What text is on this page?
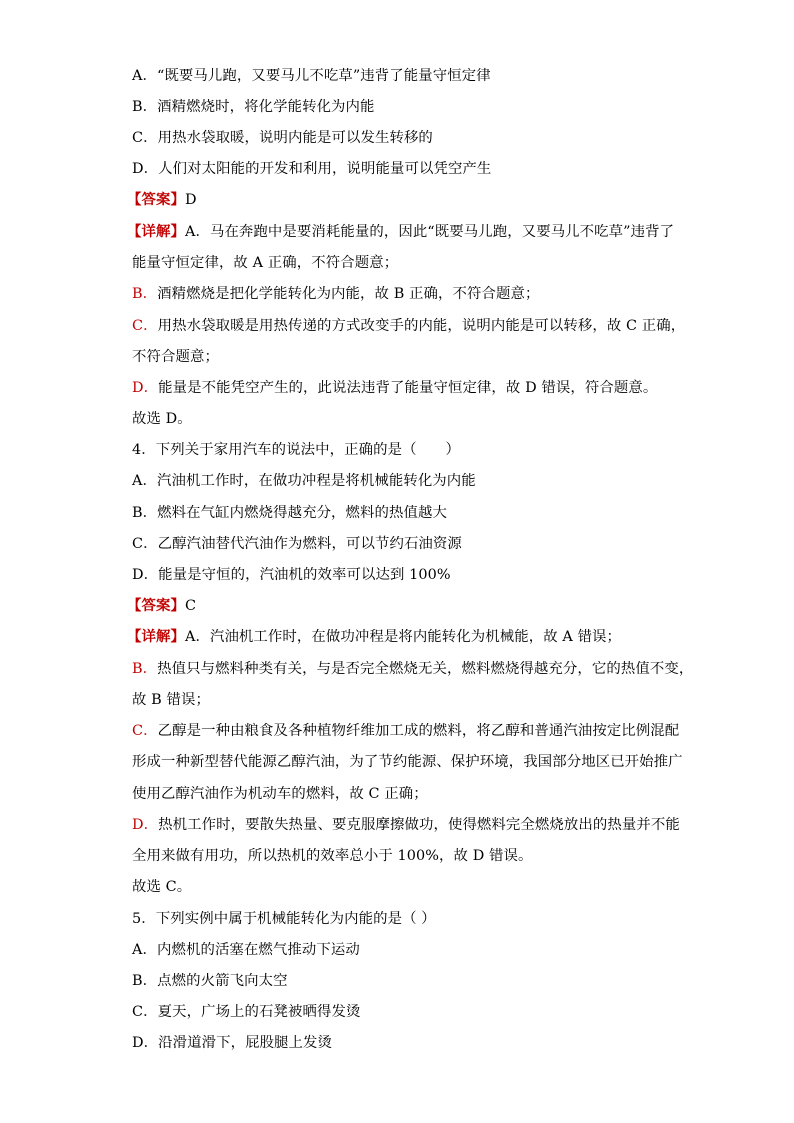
A．“既要马儿跑，又要马儿不吃草”违背了能量守恒定律
B．酒精燃烧时，将化学能转化为内能
C．用热水袋取暖，说明内能是可以发生转移的
D．人们对太阳能的开发和利用，说明能量可以凭空产生
【答案】D
【详解】A．马在奔跑中是要消耗能量的，因此“既要马儿跑，又要马儿不吃草”违背了
能量守恒定律，故 A 正确，不符合题意；
B．酒精燃烧是把化学能转化为内能，故 B 正确，不符合题意；
C．用热水袋取暖是用热传递的方式改变手的内能，说明内能是可以转移，故 C 正确，
不符合题意；
D．能量是不能凭空产生的，此说法违背了能量守恒定律，故 D 错误，符合题意。
故选 D。
4．下列关于家用汽车的说法中，正确的是（　　）
A．汽油机工作时，在做功冲程是将机械能转化为内能
B．燃料在气缸内燃烧得越充分，燃料的热值越大
C．乙醇汽油替代汽油作为燃料，可以节约石油资源
D．能量是守恒的，汽油机的效率可以达到 100%
【答案】C
【详解】A．汽油机工作时，在做功冲程是将内能转化为机械能，故 A 错误；
B．热值只与燃料种类有关，与是否完全燃烧无关，燃料燃烧得越充分，它的热值不变，
故 B 错误；
C．乙醇是一种由粮食及各种植物纤维加工成的燃料，将乙醇和普通汽油按定比例混配
形成一种新型替代能源乙醇汽油，为了节约能源、保护环境，我国部分地区已开始推广
使用乙醇汽油作为机动车的燃料，故 C 正确；
D．热机工作时，要散失热量、要克服摩擦做功，使得燃料完全燃烧放出的热量并不能
全用来做有用功，所以热机的效率总小于 100%，故 D 错误。
故选 C。
5．下列实例中属于机械能转化为内能的是（ ）
A．内燃机的活塞在燃气推动下运动
B．点燃的火箭飞向太空
C．夏天，广场上的石凳被晒得发烫
D．沿滑道滑下，屁股腿上发烫
